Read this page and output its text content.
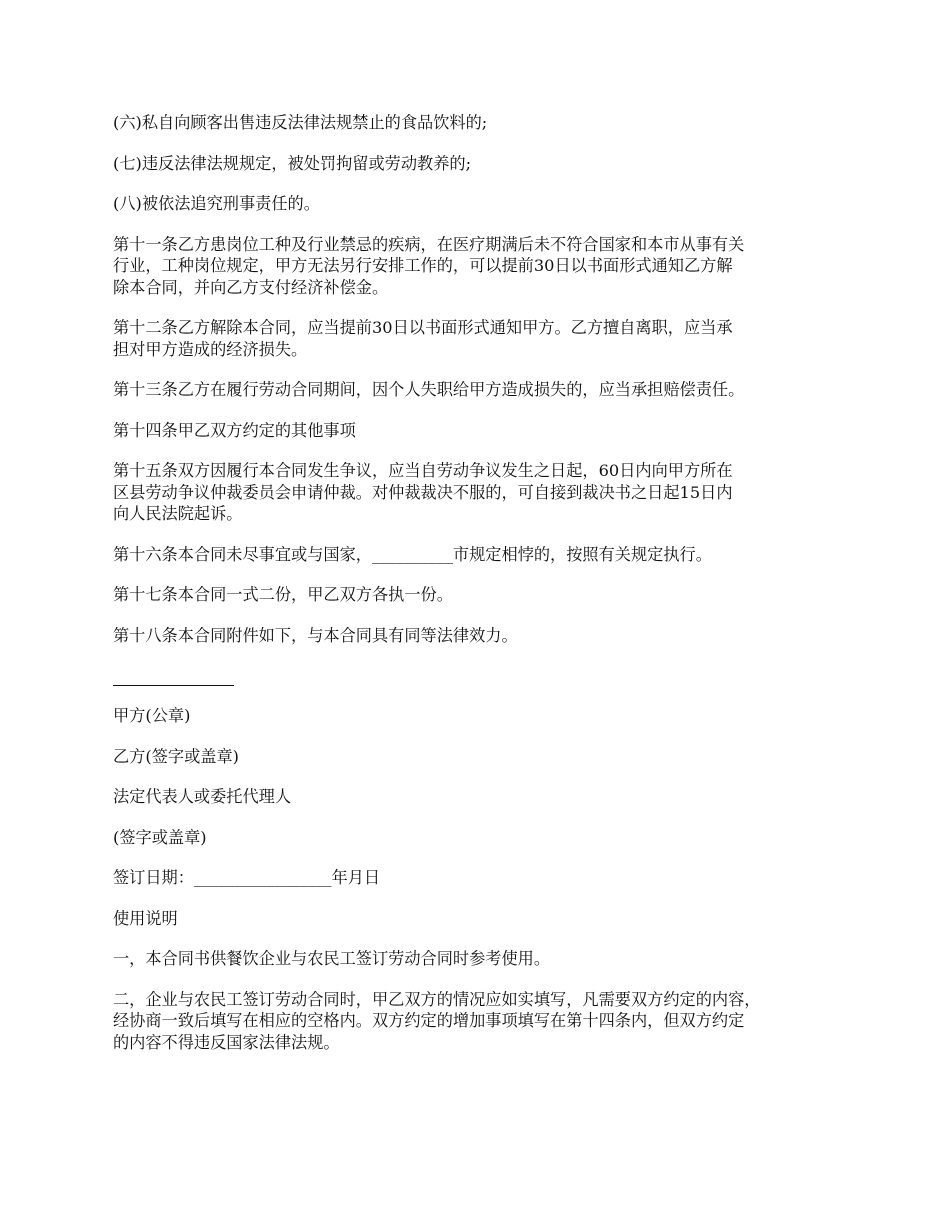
(六)私自向顾客出售违反法律法规禁止的食品饮料的;

(七)违反法律法规规定，被处罚拘留或劳动教养的;

(八)被依法追究刑事责任的。

第十一条乙方患岗位工种及行业禁忌的疾病，在医疗期满后未不符合国家和本市从事有关
行业，工种岗位规定，甲方无法另行安排工作的，可以提前30日以书面形式通知乙方解
除本合同，并向乙方支付经济补偿金。

第十二条乙方解除本合同，应当提前30日以书面形式通知甲方。乙方擅自离职，应当承
担对甲方造成的经济损失。

第十三条乙方在履行劳动合同期间，因个人失职给甲方造成损失的，应当承担赔偿责任。

第十四条甲乙双方约定的其他事项

第十五条双方因履行本合同发生争议，应当自劳动争议发生之日起，60日内向甲方所在
区县劳动争议仲裁委员会申请仲裁。对仲裁裁决不服的，可自接到裁决书之日起15日内
向人民法院起诉。

第十六条本合同未尽事宜或与国家，__________市规定相悖的，按照有关规定执行。

第十七条本合同一式二份，甲乙双方各执一份。

第十八条本合同附件如下，与本合同具有同等法律效力。

甲方(公章)

乙方(签字或盖章)

法定代表人或委托代理人

(签字或盖章)

签订日期：_________________年月日

使用说明

一，本合同书供餐饮企业与农民工签订劳动合同时参考使用。

二，企业与农民工签订劳动合同时，甲乙双方的情况应如实填写，凡需要双方约定的内容，
经协商一致后填写在相应的空格内。双方约定的增加事项填写在第十四条内，但双方约定
的内容不得违反国家法律法规。
